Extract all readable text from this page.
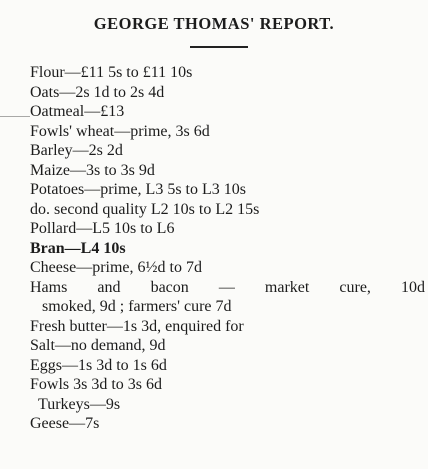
GEORGE THOMAS' REPORT.
Flour—£11 5s to £11 10s
Oats—2s 1d to 2s 4d
Oatmeal—£13
Fowls' wheat—prime, 3s 6d
Barley—2s 2d
Maize—3s to 3s 9d
Potatoes—prime, L3 5s to L3 10s
do. second quality L2 10s to L2 15s
Pollard—L5 10s to L6
Bran—L4 10s
Cheese—prime, 6½d to 7d
Hams and bacon — market cure, 10d
smoked, 9d ; farmers' cure 7d
Fresh butter—1s 3d, enquired for
Salt—no demand, 9d
Eggs—1s 3d to 1s 6d
Fowls 3s 3d to 3s 6d
Turkeys—9s
Geese—7s
